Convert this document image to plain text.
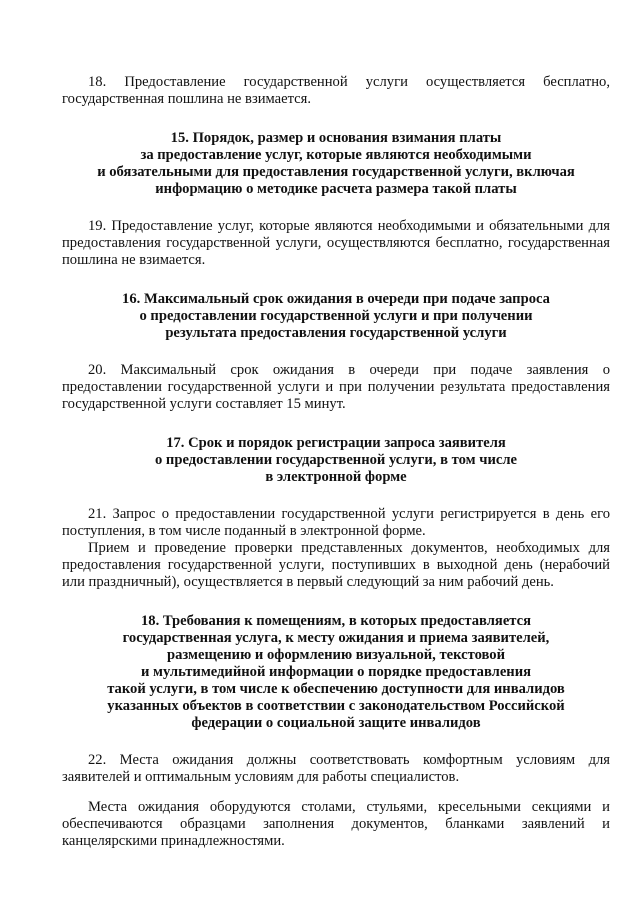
18. Предоставление государственной услуги осуществляется бесплатно, государственная пошлина не взимается.

15. Порядок, размер и основания взимания платы
за предоставление услуг, которые являются необходимыми
и обязательными для предоставления государственной услуги, включая
информацию о методике расчета размера такой платы

19. Предоставление услуг, которые являются необходимыми и обязательными для предоставления государственной услуги, осуществляются бесплатно, государственная пошлина не взимается.

16. Максимальный срок ожидания в очереди при подаче запроса
о предоставлении государственной услуги и при получении
результата предоставления государственной услуги

20. Максимальный срок ожидания в очереди при подаче заявления о предоставлении государственной услуги и при получении результата предоставления государственной услуги составляет 15 минут.

17. Срок и порядок регистрации запроса заявителя
о предоставлении государственной услуги, в том числе
в электронной форме

21. Запрос о предоставлении государственной услуги регистрируется в день его поступления, в том числе поданный в электронной форме.

Прием и проведение проверки представленных документов, необходимых для предоставления государственной услуги, поступивших в выходной день (нерабочий или праздничный), осуществляется в первый следующий за ним рабочий день.

18. Требования к помещениям, в которых предоставляется
государственная услуга, к месту ожидания и приема заявителей,
размещению и оформлению визуальной, текстовой
и мультимедийной информации о порядке предоставления
такой услуги, в том числе к обеспечению доступности для инвалидов
указанных объектов в соответствии с законодательством Российской
федерации о социальной защите инвалидов

22. Места ожидания должны соответствовать комфортным условиям для заявителей и оптимальным условиям для работы специалистов.

Места ожидания оборудуются столами, стульями, кресельными секциями и обеспечиваются образцами заполнения документов, бланками заявлений и канцелярскими принадлежностями.
